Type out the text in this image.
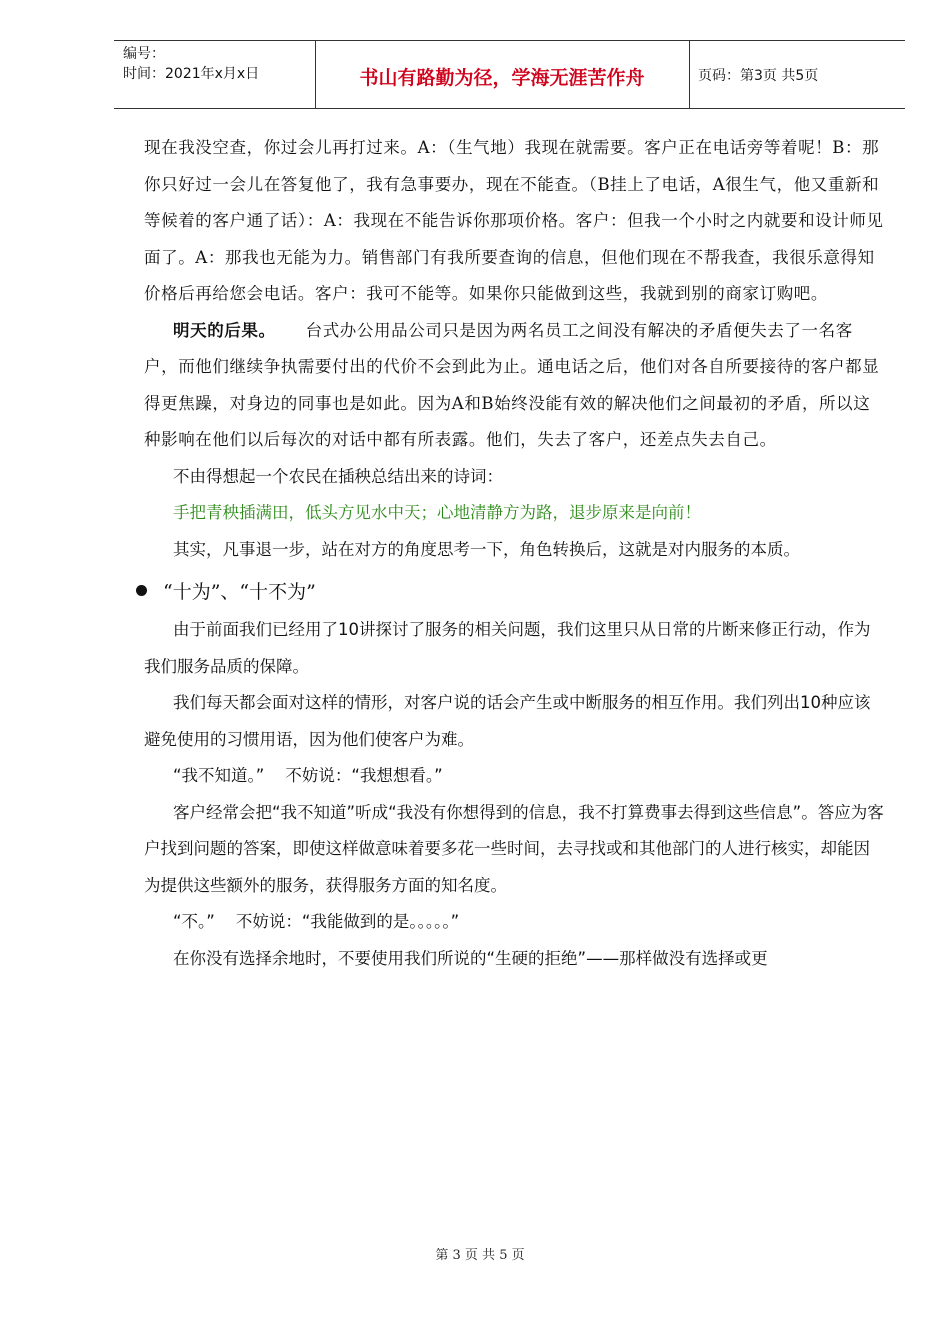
编号：
时间：2021年x月x日	书山有路勤为径，学海无涯苦作舟	页码：第3页 共5页

现在我没空查，你过会儿再打过来。A：（生气地）我现在就需要。客户正在电话旁等着呢！B：那你只好过一会儿在答复他了，我有急事要办，现在不能查。（B挂上了电话，A很生气，他又重新和等候着的客户通了话）：A：我现在不能告诉你那项价格。客户：但我一个小时之内就要和设计师见面了。A：那我也无能为力。销售部门有我所要查询的信息，但他们现在不帮我查，我很乐意得知价格后再给您会电话。客户：我可不能等。如果你只能做到这些，我就到别的商家订购吧。

明天的后果。 台式办公用品公司只是因为两名员工之间没有解决的矛盾便失去了一名客户，而他们继续争执需要付出的代价不会到此为止。通电话之后，他们对各自所要接待的客户都显得更焦躁，对身边的同事也是如此。因为A和B始终没能有效的解决他们之间最初的矛盾，所以这种影响在他们以后每次的对话中都有所表露。他们，失去了客户，还差点失去自己。

不由得想起一个农民在插秧总结出来的诗词：

手把青秧插满田，低头方见水中天；心地清静方为路，退步原来是向前！

其实，凡事退一步，站在对方的角度思考一下，角色转换后，这就是对内服务的本质。

“十为”、“十不为”

由于前面我们已经用了10讲探讨了服务的相关问题，我们这里只从日常的片断来修正行动，作为我们服务品质的保障。

我们每天都会面对这样的情形，对客户说的话会产生或中断服务的相互作用。我们列出10种应该避免使用的习惯用语，因为他们使客户为难。

“我不知道。”    不妨说：“我想想看。”

客户经常会把“我不知道”听成“我没有你想得到的信息，我不打算费事去得到这些信息”。答应为客户找到问题的答案，即使这样做意味着要多花一些时间，去寻找或和其他部门的人进行核实，却能因为提供这些额外的服务，获得服务方面的知名度。

“不。”    不妨说：“我能做到的是。。。。。”

在你没有选择余地时，不要使用我们所说的“生硬的拒绝”——那样做没有选择或更

第 3 页 共 5 页
